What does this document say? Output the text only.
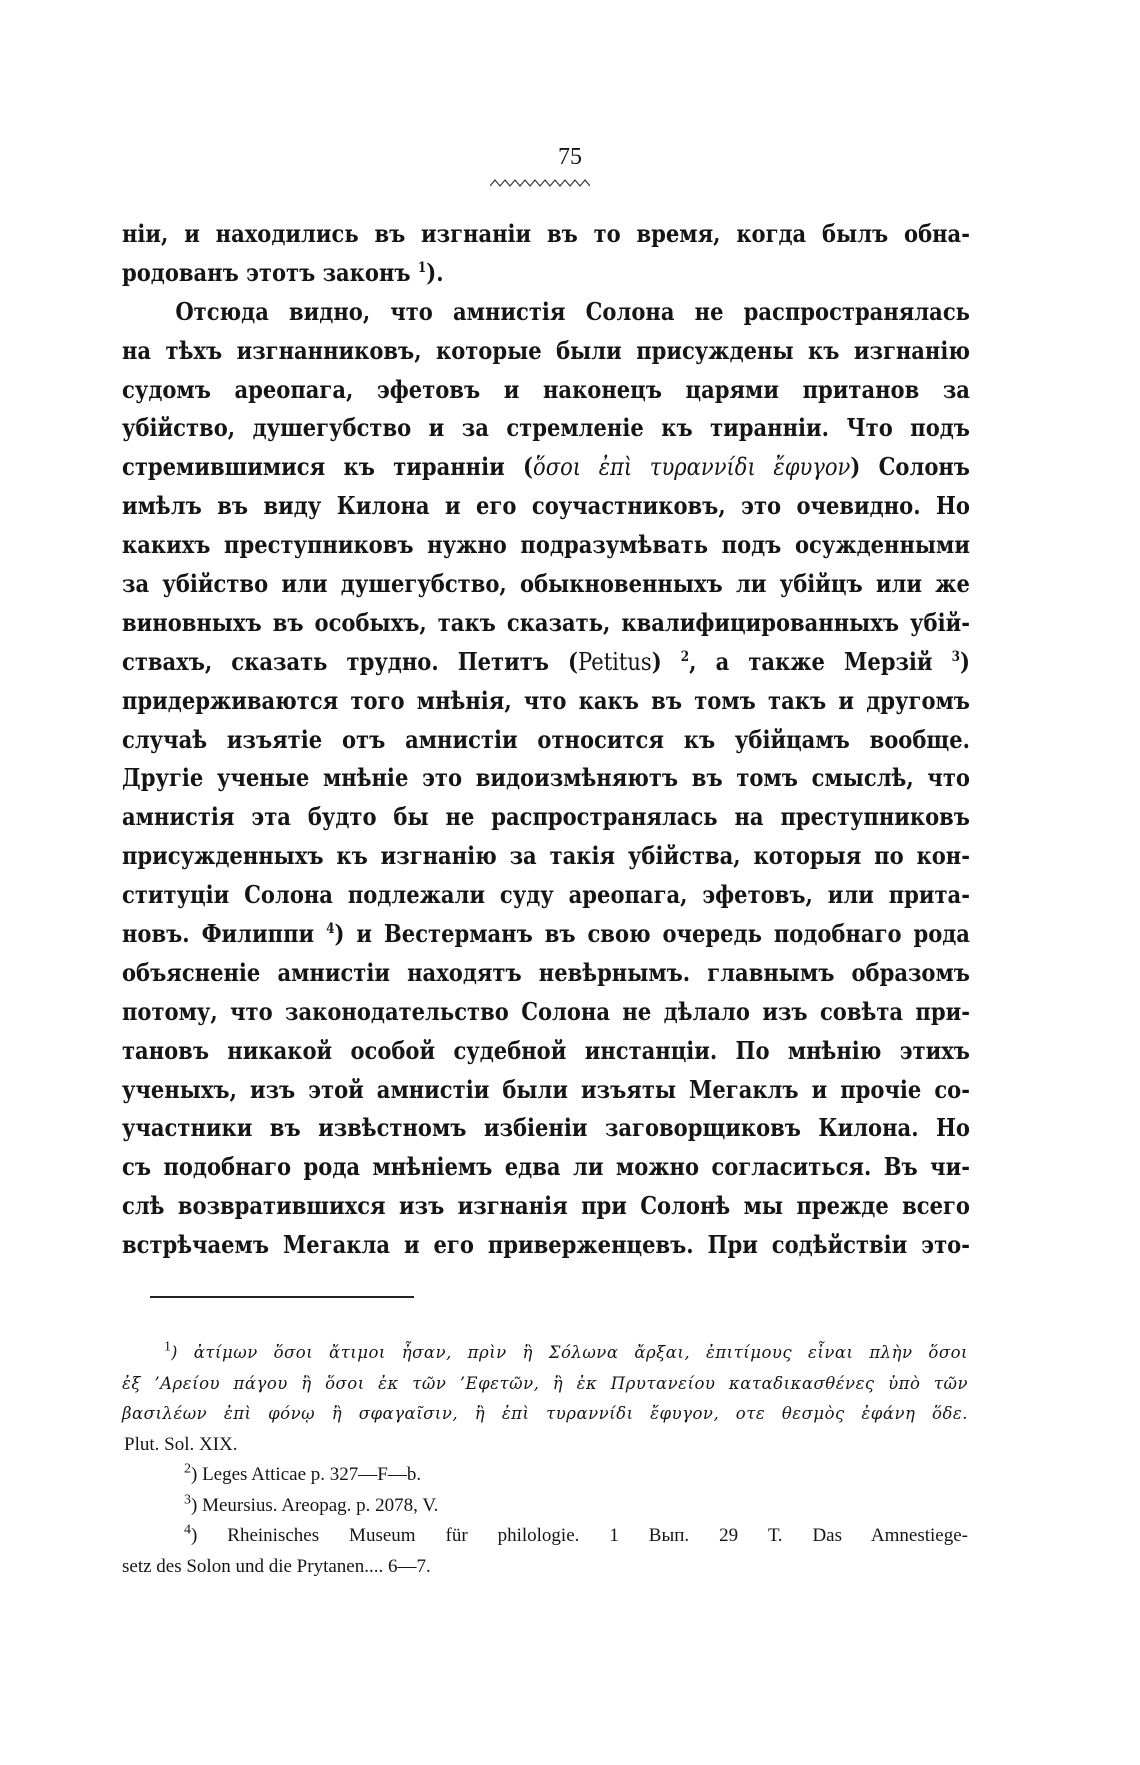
75
ніи, и находились въ изгнаніи въ то время, когда былъ обна-
родованъ этотъ законъ $^1$).
Отсюда видно, что амнистія Солона не распространялась
на тѣхъ изгнанниковъ, которые были присуждены къ изгнанію
судомъ ареопага, эфетовъ и наконецъ царями пританов за
убійство, душегубство и за стремленіе къ тиранніи. Что подъ
стремившимися къ тиранніи (ὅσοι ἐπὶ τυραννίδι ἔφυγον) Солонъ
имѣлъ въ виду Килона и его соучастниковъ, это очевидно. Но
какихъ преступниковъ нужно подразумѣвать подъ осужденными
за убійство или душегубство, обыкновенныхъ ли убійцъ или же
виновныхъ въ особыхъ, такъ сказать, квалифицированныхъ убій-
ствахъ, сказать трудно. Петитъ (Petitus) $^2$, а также Мерзій $^3$)
придерживаются того мнѣнія, что какъ въ томъ такъ и другомъ
случаѣ изъятіе отъ амнистіи относится къ убійцамъ вообще.
Другіе ученые мнѣніе это видоизмѣняютъ въ томъ смыслѣ, что
амнистія эта будто бы не распространялась на преступниковъ
присужденныхъ къ изгнанію за такія убійства, которыя по кон-
ституціи Солона подлежали суду ареопага, эфетовъ, или прита-
новъ. Филиппи $^4$) и Вестерманъ въ свою очередь подобнаго рода
объясненіе амнистіи находятъ невѣрнымъ. главнымъ образомъ
потому, что законодательство Солона не дѣлало изъ совѣта при-
тановъ никакой особой судебной инстанціи. По мнѣнію этихъ
ученыхъ, изъ этой амнистіи были изъяты Мегаклъ и прочіе со-
участники въ извѣстномъ избіеніи заговорщиковъ Килона. Но
съ подобнаго рода мнѣніемъ едва ли можно согласиться. Въ чи-
слѣ возвратившихся изъ изгнанія при Солонѣ мы прежде всего
встрѣчаемъ Мегакла и его приверженцевъ. При содѣйствіи это-
$^1$) ἀτίμων ὅσοι ἄτιμοι ἦσαν, πρὶν ἢ Σόλωνα ἄρξαι, ἐπιτίμους εἶναι πλὴν ὅσοι
ἐξ ’Αρείου πάγου ἢ ὅσοι ἐκ τῶν ’Εφετῶν, ἢ ἐκ Πρυτανείου καταδικασθένες ὑπὸ τῶν
βασιλέων ἐπὶ φόνῳ ἢ σφαγαῖσιν, ἢ ἐπὶ τυραννίδι ἔφυγον, οτε θεσμὸς ἐφάνη ὅδε.
Plut. Sol. XIX.
$^2$) Leges Atticae p. 327—F—b.
$^3$) Meursius. Areopag. p. 2078, V.
$^4$) Rheinisches Museum für philologie. 1 Вып. 29 Т. Das Amnestiege-
setz des Solon und die Prytanen.... 6—7.
